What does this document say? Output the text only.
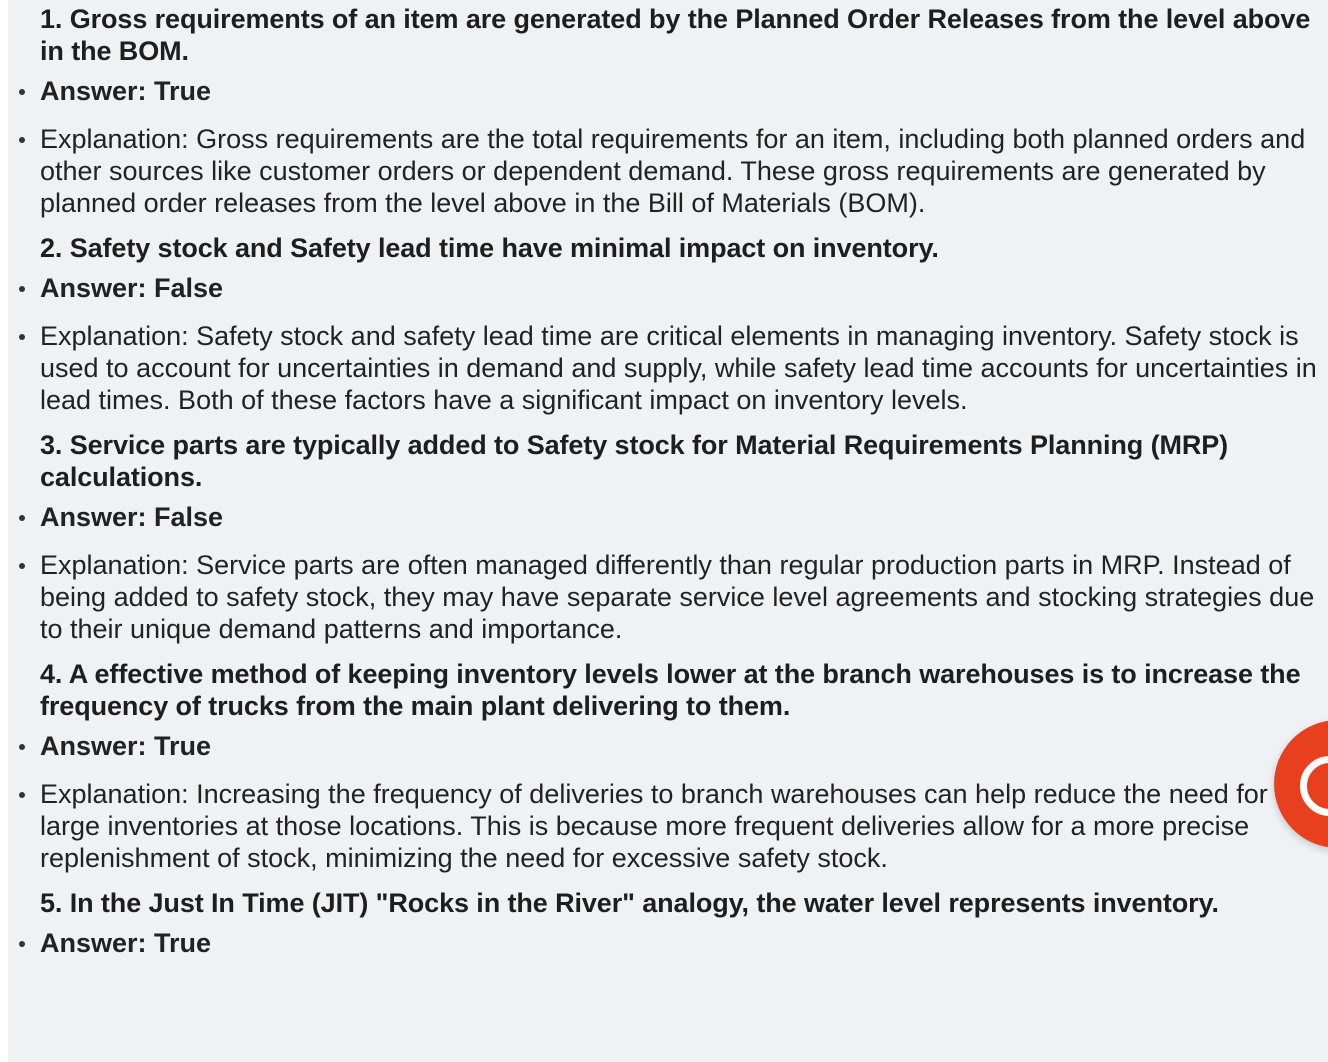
1. Gross requirements of an item are generated by the Planned Order Releases from the level above in the BOM.

Answer: True
Explanation: Gross requirements are the total requirements for an item, including both planned orders and other sources like customer orders or dependent demand. These gross requirements are generated by planned order releases from the level above in the Bill of Materials (BOM).

2. Safety stock and Safety lead time have minimal impact on inventory.

Answer: False
Explanation: Safety stock and safety lead time are critical elements in managing inventory. Safety stock is used to account for uncertainties in demand and supply, while safety lead time accounts for uncertainties in lead times. Both of these factors have a significant impact on inventory levels.

3. Service parts are typically added to Safety stock for Material Requirements Planning (MRP) calculations.

Answer: False
Explanation: Service parts are often managed differently than regular production parts in MRP. Instead of being added to safety stock, they may have separate service level agreements and stocking strategies due to their unique demand patterns and importance.

4. A effective method of keeping inventory levels lower at the branch warehouses is to increase the frequency of trucks from the main plant delivering to them.

Answer: True
Explanation: Increasing the frequency of deliveries to branch warehouses can help reduce the need for large inventories at those locations. This is because more frequent deliveries allow for a more precise replenishment of stock, minimizing the need for excessive safety stock.

5. In the Just In Time (JIT) "Rocks in the River" analogy, the water level represents inventory.

Answer: True
